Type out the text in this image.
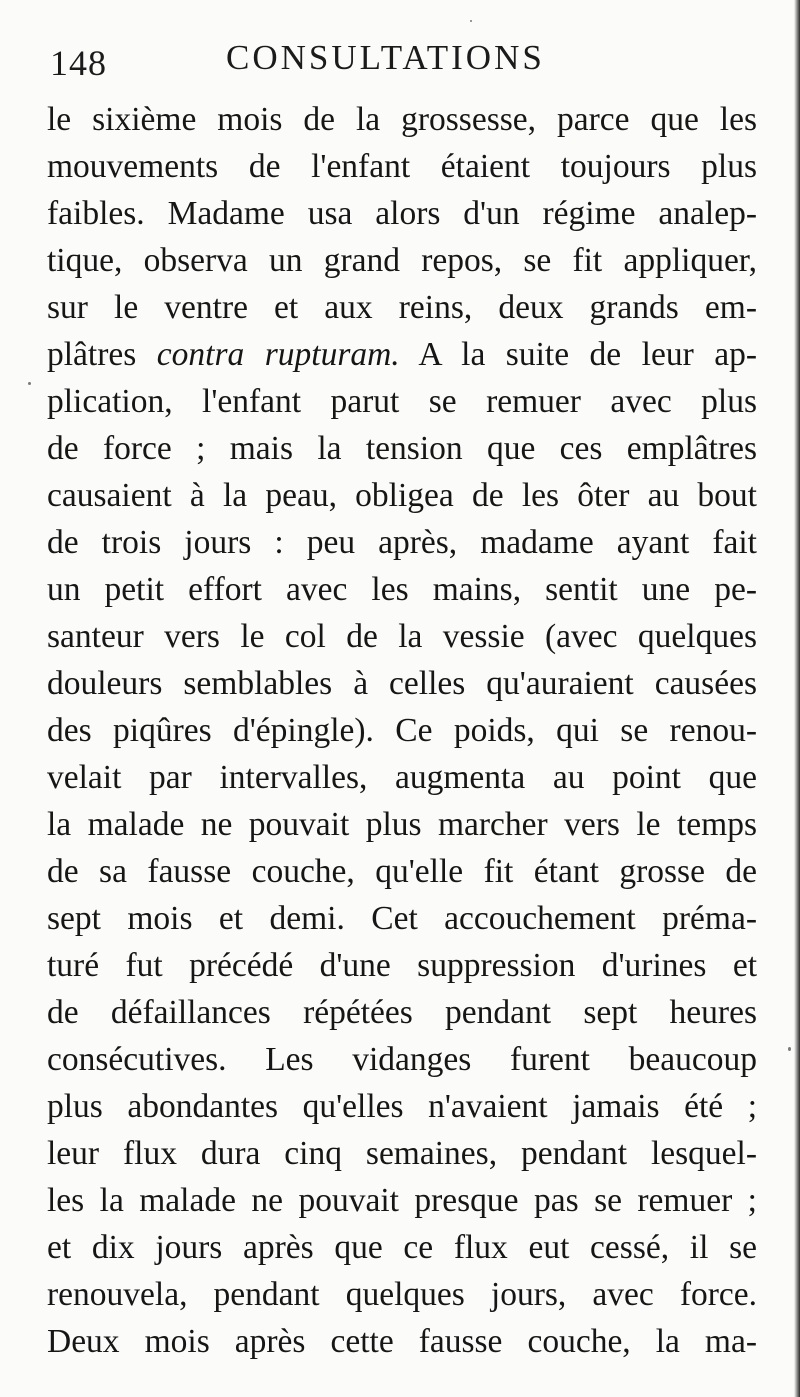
148	CONSULTATIONS
le sixième mois de la grossesse, parce que les
mouvements de l'enfant étaient toujours plus
faibles. Madame usa alors d'un régime analep-
tique, observa un grand repos, se fit appliquer,
sur le ventre et aux reins, deux grands em-
plâtres contra rupturam. A la suite de leur ap-
plication, l'enfant parut se remuer avec plus
de force ; mais la tension que ces emplâtres
causaient à la peau, obligea de les ôter au bout
de trois jours : peu après, madame ayant fait
un petit effort avec les mains, sentit une pe-
santeur vers le col de la vessie (avec quelques
douleurs semblables à celles qu'auraient causées
des piqûres d'épingle). Ce poids, qui se renou-
velait par intervalles, augmenta au point que
la malade ne pouvait plus marcher vers le temps
de sa fausse couche, qu'elle fit étant grosse de
sept mois et demi. Cet accouchement préma-
turé fut précédé d'une suppression d'urines et
de défaillances répétées pendant sept heures
consécutives. Les vidanges furent beaucoup
plus abondantes qu'elles n'avaient jamais été ;
leur flux dura cinq semaines, pendant lesquel-
les la malade ne pouvait presque pas se remuer ;
et dix jours après que ce flux eut cessé, il se
renouvela, pendant quelques jours, avec force.
Deux mois après cette fausse couche, la ma-
